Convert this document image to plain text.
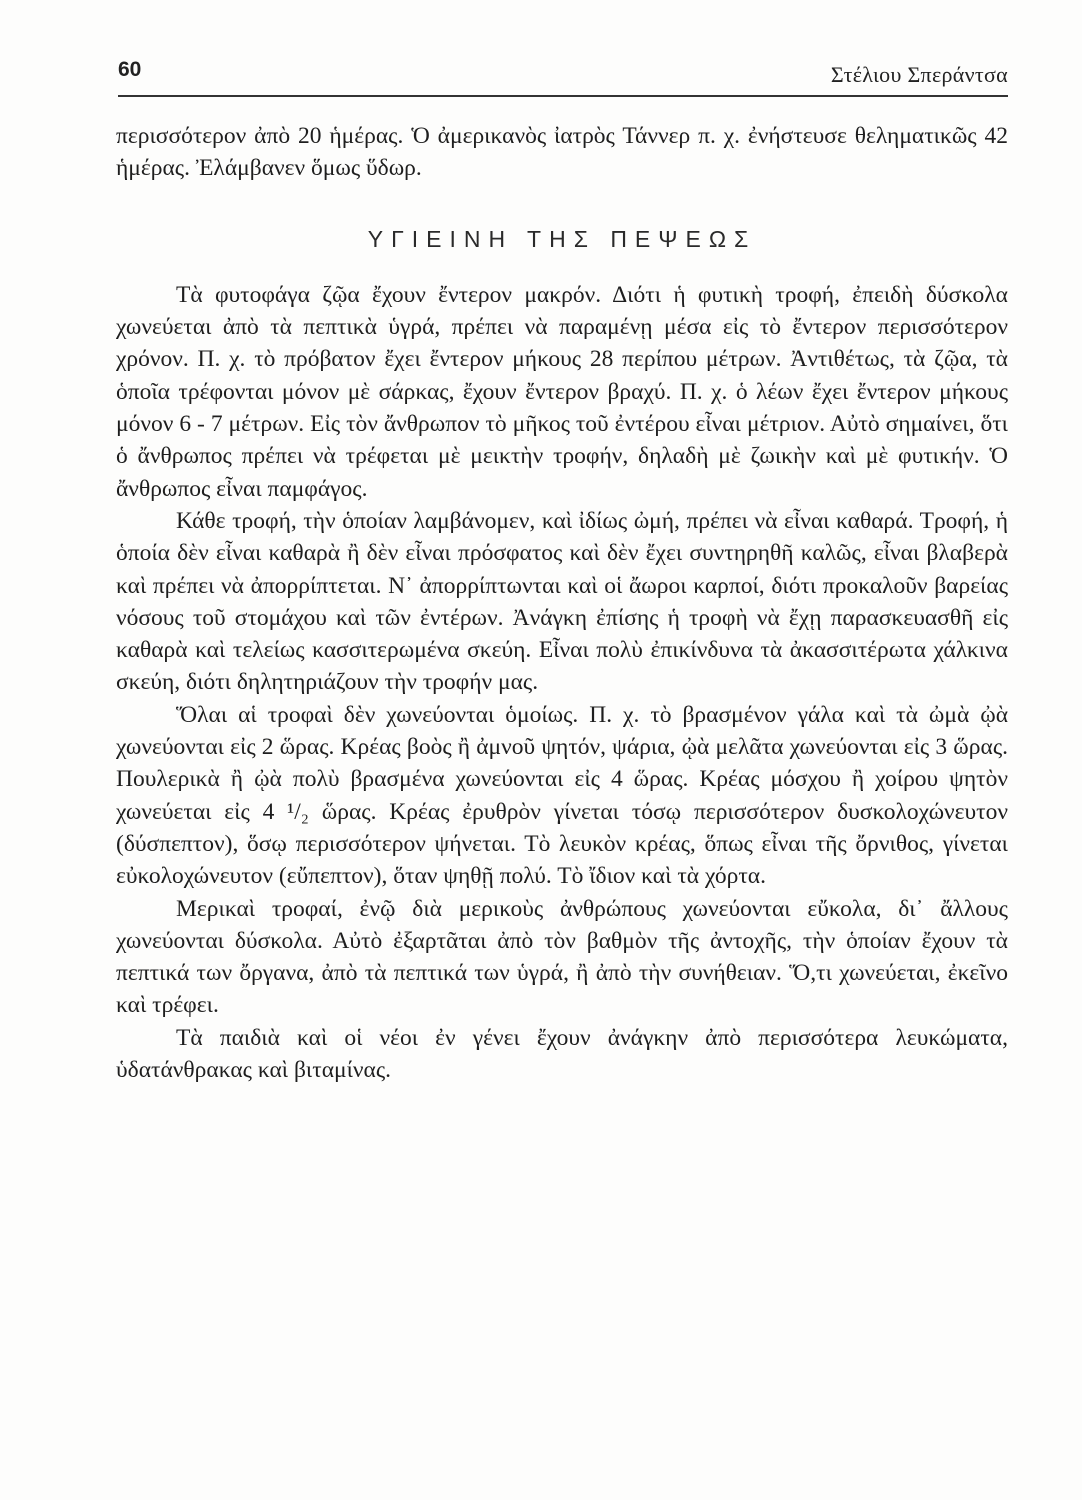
60	Στέλιου Σπεράντσα

περισσότερον ἀπὸ 20 ἡμέρας. Ὁ ἀμερικανὸς ἰατρὸς Τάννερ π. χ. ἐνήστευσε θεληματικῶς 42 ἡμέρας. Ἐλάμβανεν ὅμως ὕδωρ.

ΥΓΙΕΙΝΗ ΤΗΣ ΠΕΨΕΩΣ

Τὰ φυτοφάγα ζῷα ἔχουν ἔντερον μακρόν. Διότι ἡ φυτικὴ τροφή, ἐπειδὴ δύσκολα χωνεύεται ἀπὸ τὰ πεπτικὰ ὑγρά, πρέπει νὰ παραμένῃ μέσα εἰς τὸ ἔντερον περισσότερον χρόνον. Π. χ. τὸ πρόβατον ἔχει ἔντερον μήκους 28 περίπου μέτρων. Ἀντιθέτως, τὰ ζῷα, τὰ ὁποῖα τρέφονται μόνον μὲ σάρκας, ἔχουν ἔντερον βραχύ. Π. χ. ὁ λέων ἔχει ἔντερον μήκους μόνον 6 - 7 μέτρων. Εἰς τὸν ἄνθρωπον τὸ μῆκος τοῦ ἐντέρου εἶναι μέτριον. Αὐτὸ σημαίνει, ὅτι ὁ ἄνθρωπος πρέπει νὰ τρέφεται μὲ μεικτὴν τροφήν, δηλαδὴ μὲ ζωικὴν καὶ μὲ φυτικήν. Ὁ ἄνθρωπος εἶναι παμφάγος.

Κάθε τροφή, τὴν ὁποίαν λαμβάνομεν, καὶ ἰδίως ὠμή, πρέπει νὰ εἶναι καθαρά. Τροφή, ἡ ὁποία δὲν εἶναι καθαρὰ ἢ δὲν εἶναι πρόσφατος καὶ δὲν ἔχει συντηρηθῆ καλῶς, εἶναι βλαβερὰ καὶ πρέπει νὰ ἀπορρίπτεται. Ν᾽ ἀπορρίπτωνται καὶ οἱ ἄωροι καρποί, διότι προκαλοῦν βαρείας νόσους τοῦ στομάχου καὶ τῶν ἐντέρων. Ἀνάγκη ἐπίσης ἡ τροφὴ νὰ ἔχῃ παρασκευασθῆ εἰς καθαρὰ καὶ τελείως κασσιτερωμένα σκεύη. Εἶναι πολὺ ἐπικίνδυνα τὰ ἀκασσιτέρωτα χάλκινα σκεύη, διότι δηλητηριάζουν τὴν τροφήν μας.

Ὅλαι αἱ τροφαὶ δὲν χωνεύονται ὁμοίως. Π. χ. τὸ βρασμένον γάλα καὶ τὰ ὠμὰ ᾠὰ χωνεύονται εἰς 2 ὥρας. Κρέας βοὸς ἢ ἀμνοῦ ψητόν, ψάρια, ᾠὰ μελᾶτα χωνεύονται εἰς 3 ὥρας. Πουλερικὰ ἢ ᾠὰ πολὺ βρασμένα χωνεύονται εἰς 4 ὥρας. Κρέας μόσχου ἢ χοίρου ψητὸν χωνεύεται εἰς 4 ¹/₂ ὥρας. Κρέας ἐρυθρὸν γίνεται τόσῳ περισσότερον δυσκολοχώνευτον (δύσπεπτον), ὅσῳ περισσότερον ψήνεται. Τὸ λευκὸν κρέας, ὅπως εἶναι τῆς ὄρνιθος, γίνεται εὐκολοχώνευτον (εὔπεπτον), ὅταν ψηθῇ πολύ. Τὸ ἴδιον καὶ τὰ χόρτα.

Μερικαὶ τροφαί, ἐνῷ διὰ μερικοὺς ἀνθρώπους χωνεύονται εὔκολα, δι᾽ ἄλλους χωνεύονται δύσκολα. Αὐτὸ ἐξαρτᾶται ἀπὸ τὸν βαθμὸν τῆς ἀντοχῆς, τὴν ὁποίαν ἔχουν τὰ πεπτικά των ὄργανα, ἀπὸ τὰ πεπτικά των ὑγρά, ἢ ἀπὸ τὴν συνήθειαν. Ὅ,τι χωνεύεται, ἐκεῖνο καὶ τρέφει.

Τὰ παιδιὰ καὶ οἱ νέοι ἐν γένει ἔχουν ἀνάγκην ἀπὸ περισσότερα λευκώματα, ὑδατάνθρακας καὶ βιταμίνας.
